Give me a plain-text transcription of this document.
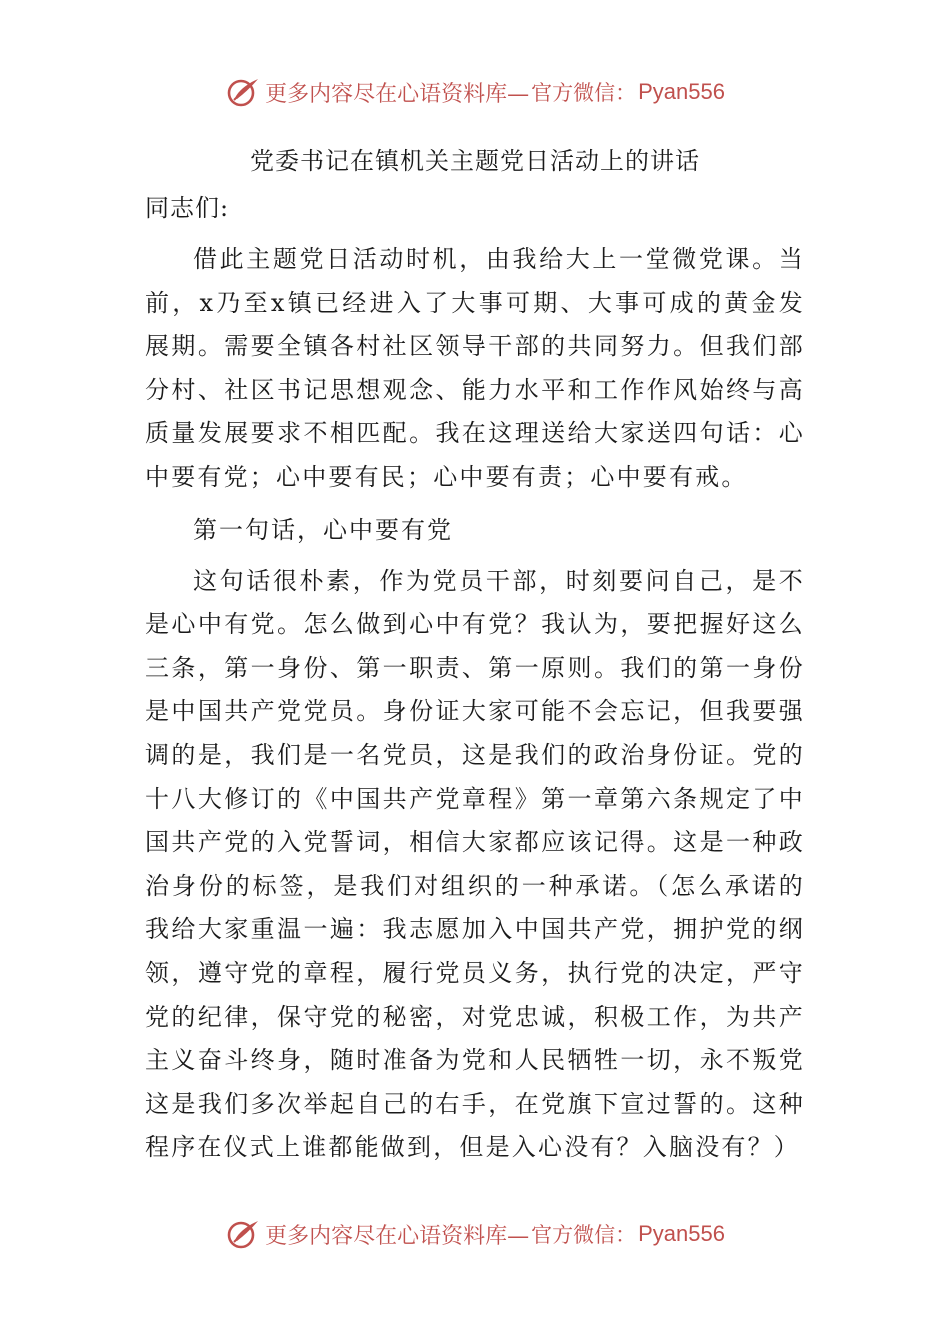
更多内容尽在心语资料库— 官方微信： Pyan556

党委书记在镇机关主题党日活动上的讲话

同志们:

借此主题党日活动时机，由我给大上一堂微党课。当前，x乃至x镇已经进入了大事可期、大事可成的黄金发展期。需要全镇各村社区领导干部的共同努力。但我们部分村、社区书记思想观念、能力水平和工作作风始终与高质量发展要求不相匹配。我在这理送给大家送四句话：心中要有党；心中要有民；心中要有责；心中要有戒。

第一句话，心中要有党

这句话很朴素，作为党员干部，时刻要问自己，是不是心中有党。怎么做到心中有党？我认为，要把握好这么三条，第一身份、第一职责、第一原则。我们的第一身份是中国共产党党员。身份证大家可能不会忘记，但我要强调的是，我们是一名党员，这是我们的政治身份证。党的十八大修订的《中国共产党章程》第一章第六条规定了中国共产党的入党誓词，相信大家都应该记得。这是一种政治身份的标签，是我们对组织的一种承诺。（怎么承诺的我给大家重温一遍：我志愿加入中国共产党，拥护党的纲领，遵守党的章程，履行党员义务，执行党的决定，严守党的纪律，保守党的秘密，对党忠诚，积极工作，为共产主义奋斗终身，随时准备为党和人民牺牲一切，永不叛党这是我们多次举起自己的右手，在党旗下宣过誓的。这种程序在仪式上谁都能做到，但是入心没有？入脑没有？）

更多内容尽在心语资料库— 官方微信： Pyan556
